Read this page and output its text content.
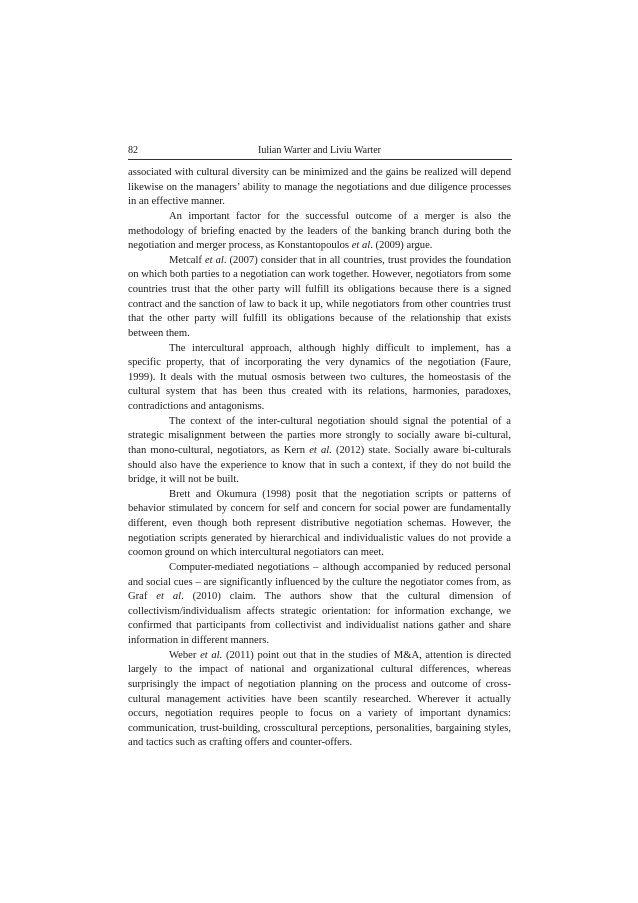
82	Iulian Warter and Liviu Warter

associated with cultural diversity can be minimized and the gains be realized will depend likewise on the managers’ ability to manage the negotiations and due diligence processes in an effective manner.

An important factor for the successful outcome of a merger is also the methodology of briefing enacted by the leaders of the banking branch during both the negotiation and merger process, as Konstantopoulos et al. (2009) argue.

Metcalf et al. (2007) consider that in all countries, trust provides the foundation on which both parties to a negotiation can work together. However, negotiators from some countries trust that the other party will fulfill its obligations because there is a signed contract and the sanction of law to back it up, while negotiators from other countries trust that the other party will fulfill its obligations because of the relationship that exists between them.

The intercultural approach, although highly difficult to implement, has a specific property, that of incorporating the very dynamics of the negotiation (Faure, 1999). It deals with the mutual osmosis between two cultures, the homeostasis of the cultural system that has been thus created with its relations, harmonies, paradoxes, contradictions and antagonisms.

The context of the inter-cultural negotiation should signal the potential of a strategic misalignment between the parties more strongly to socially aware bi-cultural, than mono-cultural, negotiators, as Kern et al. (2012) state. Socially aware bi-culturals should also have the experience to know that in such a context, if they do not build the bridge, it will not be built.

Brett and Okumura (1998) posit that the negotiation scripts or patterns of behavior stimulated by concern for self and concern for social power are fundamentally different, even though both represent distributive negotiation schemas. However, the negotiation scripts generated by hierarchical and individualistic values do not provide a coomon ground on which intercultural negotiators can meet.

Computer-mediated negotiations – although accompanied by reduced personal and social cues – are significantly influenced by the culture the negotiator comes from, as Graf et al. (2010) claim. The authors show that the cultural dimension of collectivism/individualism affects strategic orientation: for information exchange, we confirmed that participants from collectivist and individualist nations gather and share information in different manners.

Weber et al. (2011) point out that in the studies of M&A, attention is directed largely to the impact of national and organizational cultural differences, whereas surprisingly the impact of negotiation planning on the process and outcome of cross-cultural management activities have been scantily researched. Wherever it actually occurs, negotiation requires people to focus on a variety of important dynamics: communication, trust-building, crosscultural perceptions, personalities, bargaining styles, and tactics such as crafting offers and counter-offers.
